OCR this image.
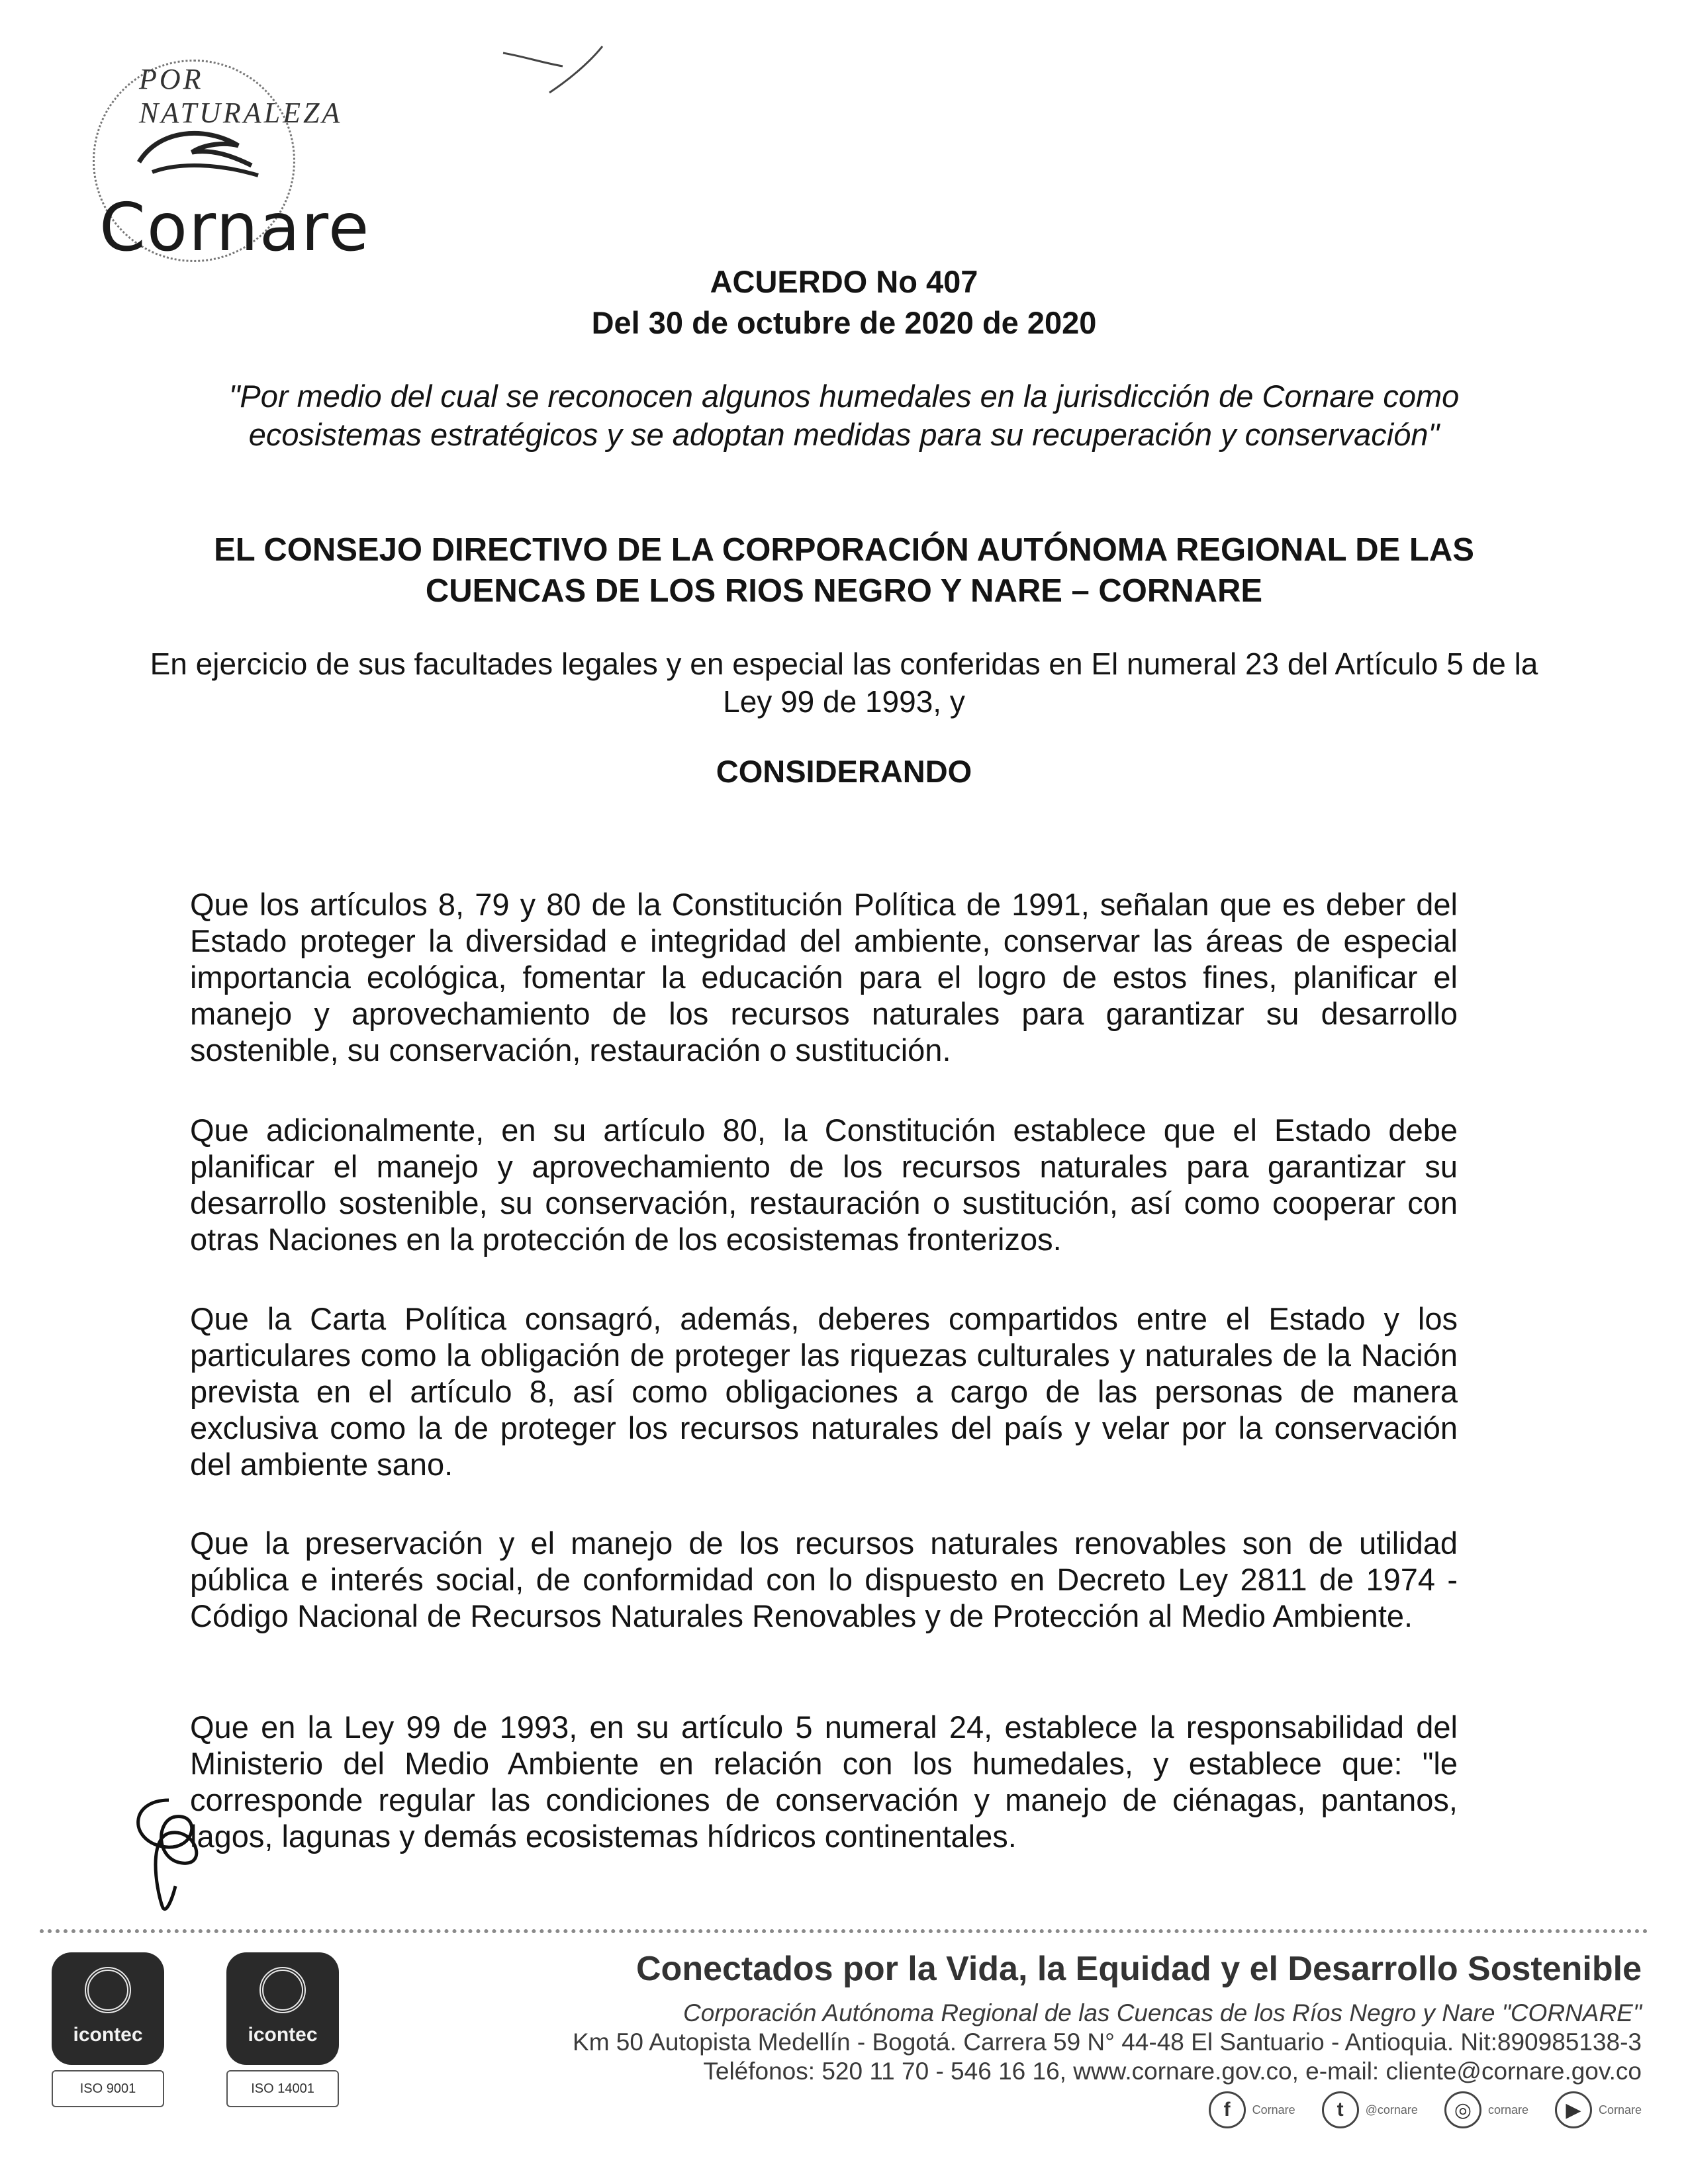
POR NATURALEZA
Cornare
ACUERDO No 407
Del 30 de octubre de 2020 de 2020
"Por medio del cual se reconocen algunos humedales en la jurisdicción de Cornare como ecosistemas estratégicos y se adoptan medidas para su recuperación y conservación"
EL CONSEJO DIRECTIVO DE LA CORPORACIÓN AUTÓNOMA REGIONAL DE LAS CUENCAS DE LOS RIOS NEGRO Y NARE – CORNARE
En ejercicio de sus facultades legales y en especial las conferidas en El numeral 23 del Artículo 5 de la Ley 99 de 1993, y
CONSIDERANDO

Que los artículos 8, 79 y 80 de la Constitución Política de 1991, señalan que es deber del Estado proteger la diversidad e integridad del ambiente, conservar las áreas de especial importancia ecológica, fomentar la educación para el logro de estos fines, planificar el manejo y aprovechamiento de los recursos naturales para garantizar su desarrollo sostenible, su conservación, restauración o sustitución.

Que adicionalmente, en su artículo 80, la Constitución establece que el Estado debe planificar el manejo y aprovechamiento de los recursos naturales para garantizar su desarrollo sostenible, su conservación, restauración o sustitución, así como cooperar con otras Naciones en la protección de los ecosistemas fronterizos.

Que la Carta Política consagró, además, deberes compartidos entre el Estado y los particulares como la obligación de proteger las riquezas culturales y naturales de la Nación prevista en el artículo 8, así como obligaciones a cargo de las personas de manera exclusiva como la de proteger los recursos naturales del país y velar por la conservación del ambiente sano.

Que la preservación y el manejo de los recursos naturales renovables son de utilidad pública e interés social, de conformidad con lo dispuesto en Decreto Ley 2811 de 1974 - Código Nacional de Recursos Naturales Renovables y de Protección al Medio Ambiente.

Que en la Ley 99 de 1993, en su artículo 5 numeral 24, establece la responsabilidad del Ministerio del Medio Ambiente en relación con los humedales, y establece que: "le corresponde regular las condiciones de conservación y manejo de ciénagas, pantanos, lagos, lagunas y demás ecosistemas hídricos continentales.

icontec
ISO 9001
icontec
ISO 14001
Conectados por la Vida, la Equidad y el Desarrollo Sostenible
Corporación Autónoma Regional de las Cuencas de los Ríos Negro y Nare "CORNARE"
Km 50 Autopista Medellín - Bogotá. Carrera 59 N° 44-48 El Santuario - Antioquia. Nit:890985138-3
Teléfonos: 520 11 70 - 546 16 16, www.cornare.gov.co, e-mail: cliente@cornare.gov.co
f	Cornare	t	@cornare	◎	cornare	▶	Cornare
